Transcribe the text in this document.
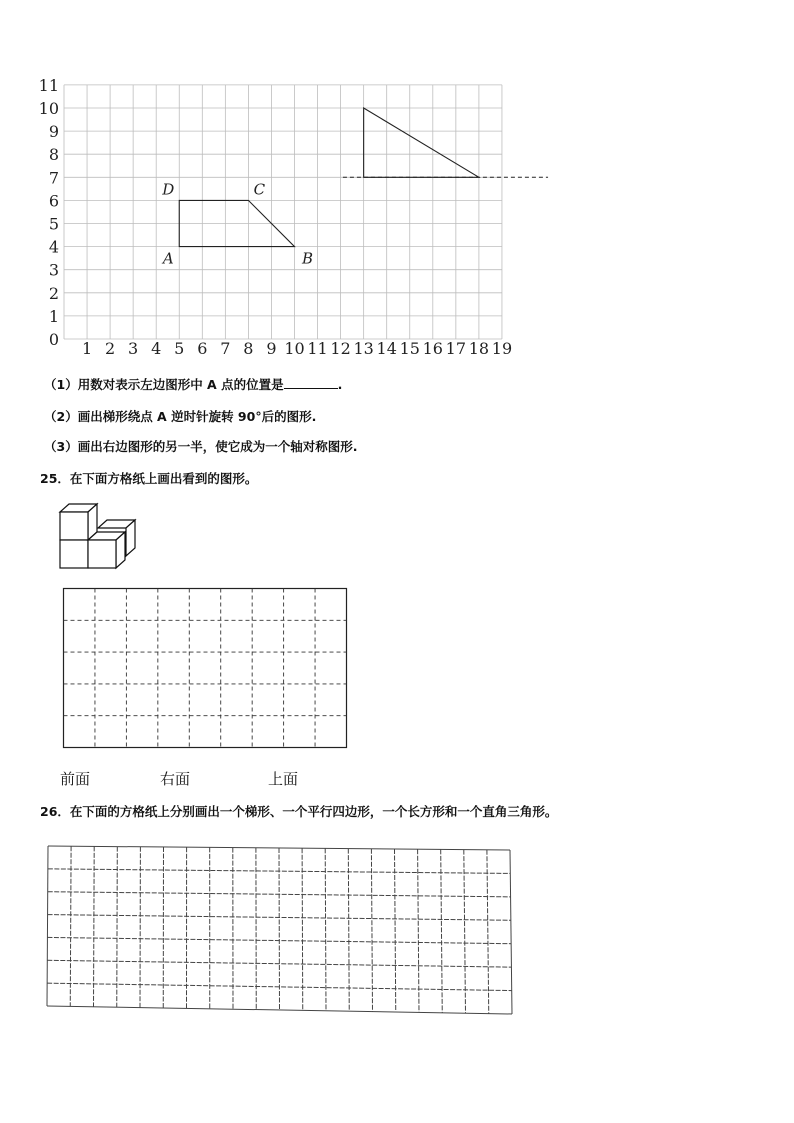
0
1
2
3
4
5
6
7
8
9
10
11
1 2 3 4 5 6 7 8 9 10 11 12 13 14 15 16 17 18 19
D	C
A	B
（1）用数对表示左边图形中 A 点的位置是	.
（2）画出梯形绕点 A 逆时针旋转 90°后的图形.
（3）画出右边图形的另一半，使它成为一个轴对称图形.
25．在下面方格纸上画出看到的图形。
前面	右面	上面
26．在下面的方格纸上分别画出一个梯形、一个平行四边形，一个长方形和一个直角三角形。
